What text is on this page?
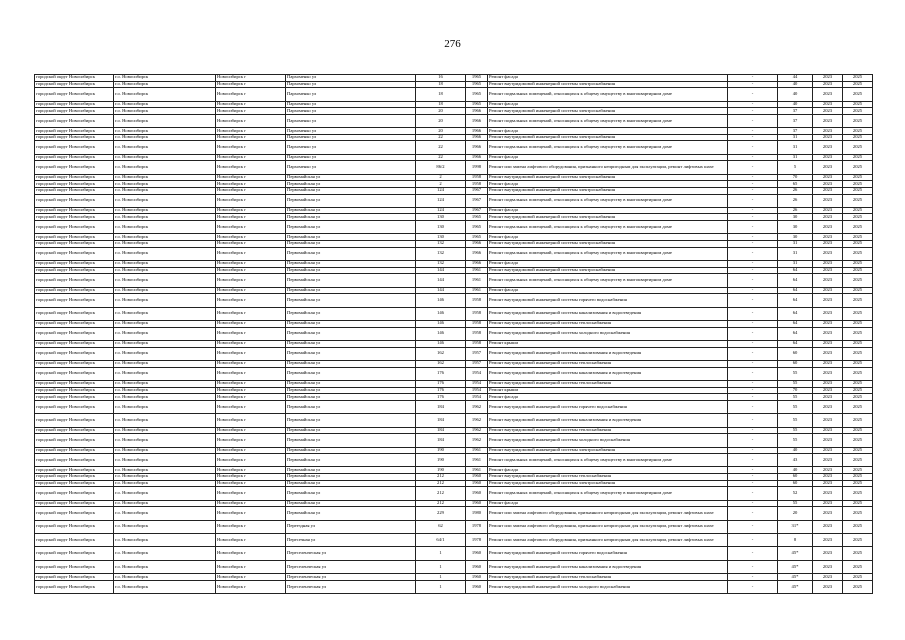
276
городской округ Новосибирск	г.о. Новосибирск	Новосибирск г	Пархоменко ул	16	1965	Ремонт фасада	-	44	2023	2025
городской округ Новосибирск	г.о. Новосибирск	Новосибирск г	Пархоменко ул	18	1965	Ремонт внутридомовой инженерной системы электроснабжения	-	40	2023	2025
городской округ Новосибирск	г.о. Новосибирск	Новосибирск г	Пархоменко ул	18	1965	Ремонт подвальных помещений, относящихся к общему имуществу в многоквартирном доме	-	40	2023	2025
городской округ Новосибирск	г.о. Новосибирск	Новосибирск г	Пархоменко ул	18	1965	Ремонт фасада	-	40	2023	2025
городской округ Новосибирск	г.о. Новосибирск	Новосибирск г	Пархоменко ул	20	1966	Ремонт внутридомовой инженерной системы электроснабжения	-	37	2023	2025
городской округ Новосибирск	г.о. Новосибирск	Новосибирск г	Пархоменко ул	20	1966	Ремонт подвальных помещений, относящихся к общему имуществу в многоквартирном доме	-	37	2023	2025
городской округ Новосибирск	г.о. Новосибирск	Новосибирск г	Пархоменко ул	20	1966	Ремонт фасада	-	37	2023	2025
городской округ Новосибирск	г.о. Новосибирск	Новосибирск г	Пархоменко ул	22	1966	Ремонт внутридомовой инженерной системы электроснабжения	-	31	2023	2025
городской округ Новосибирск	г.о. Новосибирск	Новосибирск г	Пархоменко ул	22	1966	Ремонт подвальных помещений, относящихся к общему имуществу в многоквартирном доме	-	31	2023	2025
городской округ Новосибирск	г.о. Новосибирск	Новосибирск г	Пархоменко ул	22	1966	Ремонт фасада	-	31	2023	2025
городской округ Новосибирск	г.о. Новосибирск	Новосибирск г	Пархоменко ул	86/2	1998	Ремонт или замена лифтового оборудования, признанного непригодным для эксплуатации, ремонт лифтовых шахт	-	5	2023	2025
городской округ Новосибирск	г.о. Новосибирск	Новосибирск г	Первомайская ул	2	1958	Ремонт внутридомовой инженерной системы электроснабжения	-	70	2023	2025
городской округ Новосибирск	г.о. Новосибирск	Новосибирск г	Первомайская ул	2	1958	Ремонт фасада	-	65	2023	2025
городской округ Новосибирск	г.о. Новосибирск	Новосибирск г	Первомайская ул	124	1967	Ремонт внутридомовой инженерной системы электроснабжения	-	26	2023	2025
городской округ Новосибирск	г.о. Новосибирск	Новосибирск г	Первомайская ул	124	1967	Ремонт подвальных помещений, относящихся к общему имуществу в многоквартирном доме	-	26	2023	2025
городской округ Новосибирск	г.о. Новосибирск	Новосибирск г	Первомайская ул	124	1967	Ремонт фасада	-	26	2023	2025
городской округ Новосибирск	г.о. Новосибирск	Новосибирск г	Первомайская ул	130	1965	Ремонт внутридомовой инженерной системы электроснабжения	-	30	2023	2025
городской округ Новосибирск	г.о. Новосибирск	Новосибирск г	Первомайская ул	130	1965	Ремонт подвальных помещений, относящихся к общему имуществу в многоквартирном доме	-	30	2023	2025
городской округ Новосибирск	г.о. Новосибирск	Новосибирск г	Первомайская ул	130	1965	Ремонт фасада	-	30	2023	2025
городской округ Новосибирск	г.о. Новосибирск	Новосибирск г	Первомайская ул	132	1966	Ремонт внутридомовой инженерной системы электроснабжения	-	31	2023	2025
городской округ Новосибирск	г.о. Новосибирск	Новосибирск г	Первомайская ул	132	1966	Ремонт подвальных помещений, относящихся к общему имуществу в многоквартирном доме	-	31	2023	2025
городской округ Новосибирск	г.о. Новосибирск	Новосибирск г	Первомайская ул	132	1966	Ремонт фасада	-	31	2023	2025
городской округ Новосибирск	г.о. Новосибирск	Новосибирск г	Первомайская ул	144	1961	Ремонт внутридомовой инженерной системы электроснабжения	-	64	2023	2025
городской округ Новосибирск	г.о. Новосибирск	Новосибирск г	Первомайская ул	144	1961	Ремонт подвальных помещений, относящихся к общему имуществу в многоквартирном доме	-	64	2023	2025
городской округ Новосибирск	г.о. Новосибирск	Новосибирск г	Первомайская ул	144	1961	Ремонт фасада	-	64	2023	2025
городской округ Новосибирск	г.о. Новосибирск	Новосибирск г	Первомайская ул	146	1958	Ремонт внутридомовой инженерной системы горячего водоснабжения	-	64	2023	2025
городской округ Новосибирск	г.о. Новосибирск	Новосибирск г	Первомайская ул	146	1958	Ремонт внутридомовой инженерной системы канализования и водоотведения	-	64	2023	2025
городской округ Новосибирск	г.о. Новосибирск	Новосибирск г	Первомайская ул	146	1958	Ремонт внутридомовой инженерной системы теплоснабжения	-	64	2023	2025
городской округ Новосибирск	г.о. Новосибирск	Новосибирск г	Первомайская ул	146	1958	Ремонт внутридомовой инженерной системы холодного водоснабжения	-	64	2023	2025
городской округ Новосибирск	г.о. Новосибирск	Новосибирск г	Первомайская ул	146	1958	Ремонт крыши	-	64	2023	2025
городской округ Новосибирск	г.о. Новосибирск	Новосибирск г	Первомайская ул	162	1957	Ремонт внутридомовой инженерной системы канализования и водоотведения	-	60	2023	2025
городской округ Новосибирск	г.о. Новосибирск	Новосибирск г	Первомайская ул	162	1957	Ремонт внутридомовой инженерной системы теплоснабжения	-	60	2023	2025
городской округ Новосибирск	г.о. Новосибирск	Новосибирск г	Первомайская ул	176	1954	Ремонт внутридомовой инженерной системы канализования и водоотведения	-	55	2023	2025
городской округ Новосибирск	г.о. Новосибирск	Новосибирск г	Первомайская ул	176	1954	Ремонт внутридомовой инженерной системы теплоснабжения	-	55	2023	2025
городской округ Новосибирск	г.о. Новосибирск	Новосибирск г	Первомайская ул	176	1954	Ремонт крыши	-	70	2023	2025
городской округ Новосибирск	г.о. Новосибирск	Новосибирск г	Первомайская ул	176	1954	Ремонт фасада	-	55	2023	2025
городской округ Новосибирск	г.о. Новосибирск	Новосибирск г	Первомайская ул	184	1962	Ремонт внутридомовой инженерной системы горячего водоснабжения	-	55	2023	2025
городской округ Новосибирск	г.о. Новосибирск	Новосибирск г	Первомайская ул	184	1962	Ремонт внутридомовой инженерной системы канализования и водоотведения	-	55	2023	2025
городской округ Новосибирск	г.о. Новосибирск	Новосибирск г	Первомайская ул	184	1962	Ремонт внутридомовой инженерной системы теплоснабжения	-	55	2023	2025
городской округ Новосибирск	г.о. Новосибирск	Новосибирск г	Первомайская ул	184	1962	Ремонт внутридомовой инженерной системы холодного водоснабжения	-	55	2023	2025
городской округ Новосибирск	г.о. Новосибирск	Новосибирск г	Первомайская ул	190	1961	Ремонт внутридомовой инженерной системы электроснабжения	-	40	2023	2025
городской округ Новосибирск	г.о. Новосибирск	Новосибирск г	Первомайская ул	190	1961	Ремонт подвальных помещений, относящихся к общему имуществу в многоквартирном доме	-	43	2023	2025
городской округ Новосибирск	г.о. Новосибирск	Новосибирск г	Первомайская ул	190	1961	Ремонт фасада	-	40	2023	2025
городской округ Новосибирск	г.о. Новосибирск	Новосибирск г	Первомайская ул	212	1960	Ремонт внутридомовой инженерной системы теплоснабжения	-	60	2023	2025
городской округ Новосибирск	г.о. Новосибирск	Новосибирск г	Первомайская ул	212	1960	Ремонт внутридомовой инженерной системы электроснабжения	-	60	2023	2025
городской округ Новосибирск	г.о. Новосибирск	Новосибирск г	Первомайская ул	212	1960	Ремонт подвальных помещений, относящихся к общему имуществу в многоквартирном доме	-	52	2023	2025
городской округ Новосибирск	г.о. Новосибирск	Новосибирск г	Первомайская ул	212	1960	Ремонт фасада	-	55	2023	2025
городской округ Новосибирск	г.о. Новосибирск	Новосибирск г	Первомайская ул	229	1980	Ремонт или замена лифтового оборудования, признанного непригодным для эксплуатации, ремонт лифтовых шахт	-	20	2023	2025
городской округ Новосибирск	г.о. Новосибирск	Новосибирск г	Переездная ул	62	1978	Ремонт или замена лифтового оборудования, признанного непригодным для эксплуатации, ремонт лифтовых шахт	-	31*	2023	2025
городской округ Новосибирск	г.о. Новосибирск	Новосибирск г	Пересечная ул	64/1	1978	Ремонт или замена лифтового оборудования, признанного непригодным для эксплуатации, ремонт лифтовых шахт	-	8	2023	2025
городской округ Новосибирск	г.о. Новосибирск	Новосибирск г	Переселенческая ул	1	1960	Ремонт внутридомовой инженерной системы горячего водоснабжения	-	45*	2023	2025
городской округ Новосибирск	г.о. Новосибирск	Новосибирск г	Переселенческая ул	1	1960	Ремонт внутридомовой инженерной системы канализования и водоотведения	-	45*	2023	2025
городской округ Новосибирск	г.о. Новосибирск	Новосибирск г	Переселенческая ул	1	1960	Ремонт внутридомовой инженерной системы теплоснабжения	-	45*	2023	2025
городской округ Новосибирск	г.о. Новосибирск	Новосибирск г	Переселенческая ул	1	1960	Ремонт внутридомовой инженерной системы холодного водоснабжения	-	45*	2023	2025
